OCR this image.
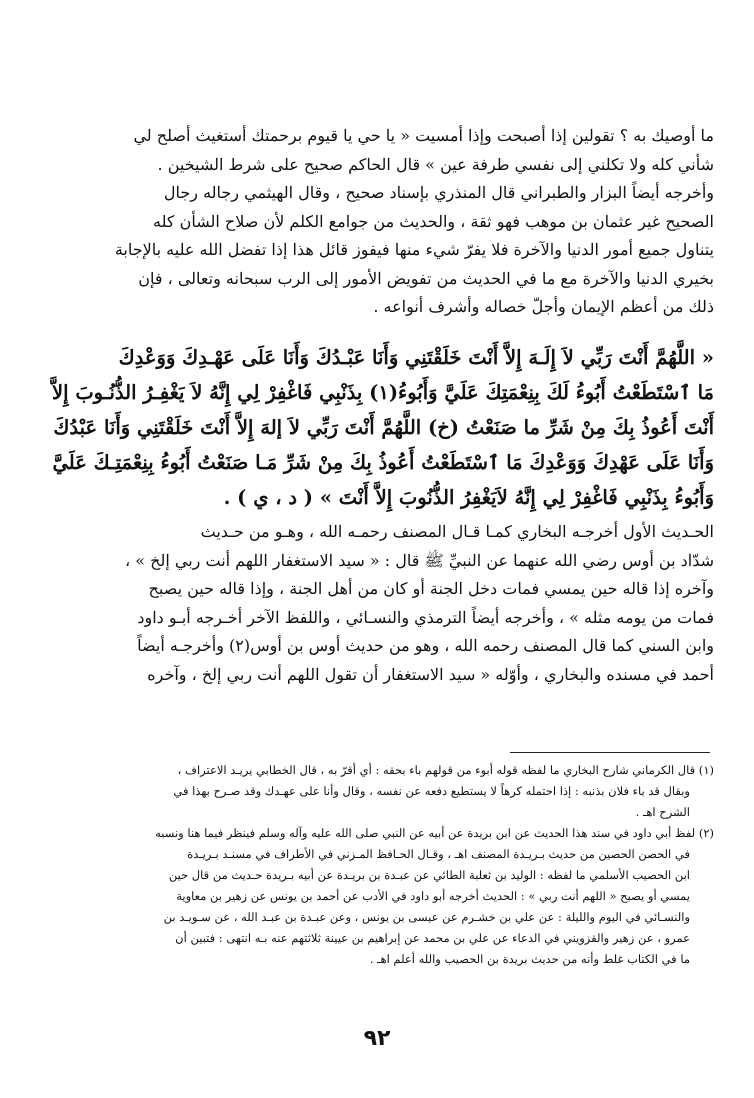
ما أوصيك به ؟ تقولين إذا أصبحت وإذا أمسيت « يا حي يا قيوم برحمتك أستغيث أصلح لي
شأني كله ولا تكلني إلى نفسي طرفة عين » قال الحاكم صحيح على شرط الشيخين .
وأخرجه أيضاً البزار والطبراني قال المنذري بإسناد صحيح ، وقال الهيثمي رجاله رجال
الصحيح غير عثمان بن موهب فهو ثقة ، والحديث من جوامع الكلم لأن صلاح الشأن كله
يتناول جميع أمور الدنيا والآخرة فلا يفرّ شيء منها فيفوز قائل هذا إذا تفضل الله عليه بالإجابة
بخيري الدنيا والآخرة مع ما في الحديث من تفويض الأمور إلى الرب سبحانه وتعالى ، فإن
ذلك من أعظم الإيمان وأجلّ خصاله وأشرف أنواعه .
« اللَّهُمَّ أَنْتَ رَبِّي لاَ إِلَـهَ إِلاَّ أَنْتَ خَلَقْتَنِي وَأَنَا عَبْـدُكَ وَأَنَا عَلَى عَهْـدِكَ وَوَعْدِكَ
مَا ٱسْتَطَعْتُ أَبُوءُ لَكَ بِنِعْمَتِكَ عَلَيَّ وَأَبُوءُ(١) بِذَنْبِي فَاغْفِرْ لِي إِنَّهُ لاَ يَغْفِـرُ الذُّنُـوبَ إِلاَّ
أَنْتَ أَعُوذُ بِكَ مِنْ شَرِّ ما صَنَعْتُ (خ) اللَّهُمَّ أَنْتَ رَبِّي لاَ إلهَ إِلاَّ أَنْتَ خَلَقْتَنِي وَأَنَا عَبْدُكَ
وَأَنَا عَلَى عَهْدِكَ وَوَعْدِكَ مَا ٱسْتَطَعْتُ أَعُوذُ بِكَ مِنْ شَرِّ مَـا صَنَعْتُ أَبُوءُ بِنِعْمَتِـكَ عَلَيَّ
وَأَبُوءُ بِذَنْبِي فَاغْفِرْ لِي إِنَّهُ لاَيَغْفِرُ الذُّنُوبَ إِلاَّ أَنْتَ » ( د ، ي ) .
الحـديث الأول أخرجـه البخاري كمـا قـال المصنف رحمـه الله ، وهـو من حـديث
شدّاد بن أوس رضي الله عنهما عن النبيِّ ﷺ قال : « سيد الاستغفار اللهم أنت ربي إلخ » ،
وآخره إذا قاله حين يمسي فمات دخل الجنة أو كان من أهل الجنة ، وإذا قاله حين يصبح
فمات من يومه مثله » ، وأخرجه أيضاً الترمذي والنسـائي ، واللفظ الآخر أخـرجه أبـو داود
وابن السني كما قال المصنف رحمه الله ، وهو من حديث أوس بن أوس(٢) وأخرجـه أيضاً
أحمد في مسنده والبخاري ، وأوّله « سيد الاستغفار أن تقول اللهم أنت ربي إلخ ، وآخره
(١) قال الكرماني شارح البخاري ما لفظه قوله أبوء من قولهم باء بحقه : أي أقرّ به ، قال الخطابي يريـد الاعتراف ،
وبقال قد باء فلان بذنبه : إذا احتمله كرهاً لا يستطيع دفعه عن نفسه ، وقال وأنا على عهـدك وقد صـرح بهذا في
الشرح اهـ .
(٢) لفظ أبي داود في سند هذا الحديث عن ابن بريدة عن أبيه عن النبي صلى الله عليه وآله وسلم فينظر فيما هنا ونسبه
في الحصن الحصين من حديث بـريـدة المصنف اهـ ، وقـال الحـافظ المـزني في الأطراف في مسنـد بـريـدة
ابن الحصيب الأسلمي ما لفظه : الوليد بن ثعلبة الطائي عن عبـدة بن بريـدة عن أبيه بـريدة حـديث من قال حين
يمسي أو يصبح « اللهم أنت ربي » : الحديث أخرجه أبو داود في الأدب عن أحمد بن يونس عن زهير بن معاوية
والنسـائي في اليوم والليلة : عن علي بن خشـرم عن عيسى بن يونس ، وعن عبـدة بن عبـد الله ، عن سـويـد بن
عمرو ، عن زهير والقزويني في الدعاء عن علي بن محمد عن إبراهيم بن عيينة ثلاثتهم عنه بـه انتهى : فتبين أن
ما في الكتاب غلط وأنه من حديث بريدة بن الحصيب والله أعلم اهـ .
٩٢
